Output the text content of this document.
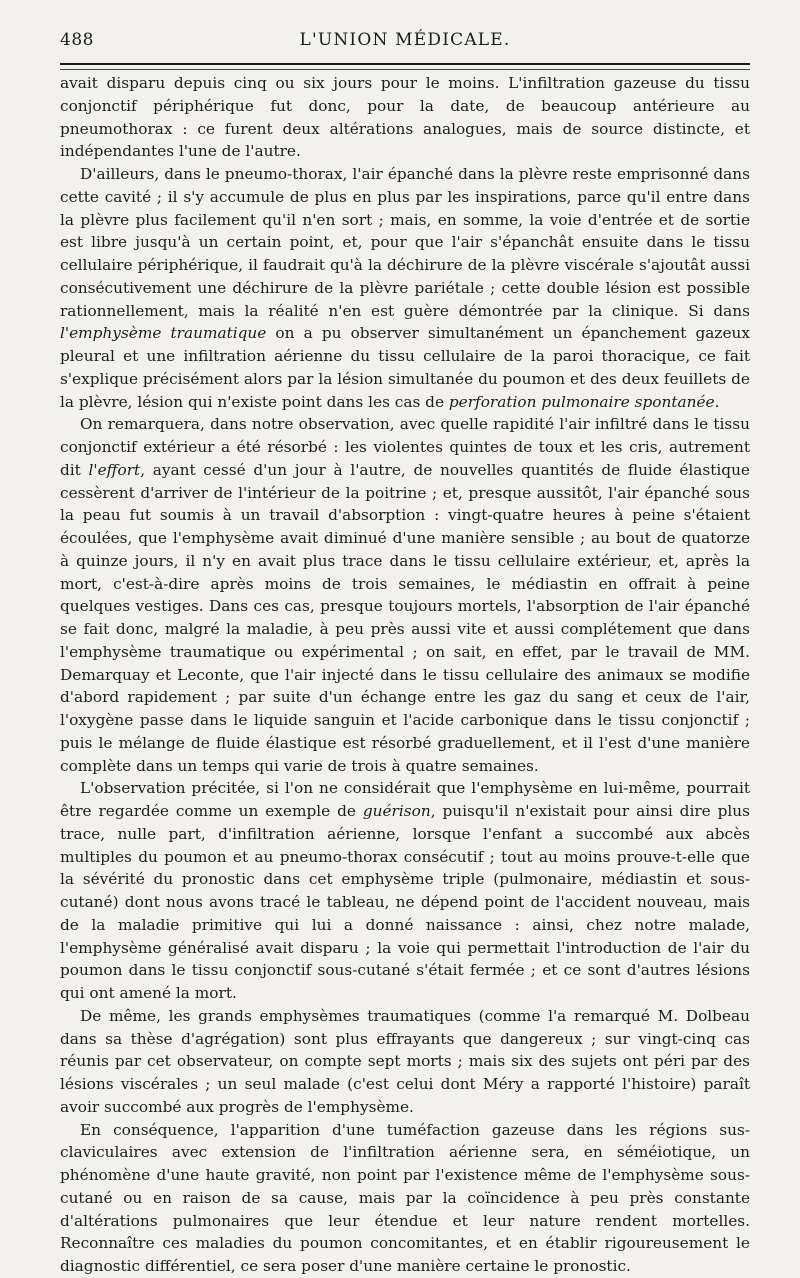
488	L'UNION MÉDICALE.

avait disparu depuis cinq ou six jours pour le moins. L'infiltration gazeuse du tissu conjonctif périphérique fut donc, pour la date, de beaucoup antérieure au pneumothorax : ce furent deux altérations analogues, mais de source distincte, et indépendantes l'une de l'autre.

D'ailleurs, dans le pneumo-thorax, l'air épanché dans la plèvre reste emprisonné dans cette cavité ; il s'y accumule de plus en plus par les inspirations, parce qu'il entre dans la plèvre plus facilement qu'il n'en sort ; mais, en somme, la voie d'entrée et de sortie est libre jusqu'à un certain point, et, pour que l'air s'épanchât ensuite dans le tissu cellulaire périphérique, il faudrait qu'à la déchirure de la plèvre viscérale s'ajoutât aussi consécutivement une déchirure de la plèvre pariétale ; cette double lésion est possible rationnellement, mais la réalité n'en est guère démontrée par la clinique. Si dans l'emphysème traumatique on a pu observer simultanément un épanchement gazeux pleural et une infiltration aérienne du tissu cellulaire de la paroi thoracique, ce fait s'explique précisément alors par la lésion simultanée du poumon et des deux feuillets de la plèvre, lésion qui n'existe point dans les cas de perforation pulmonaire spontanée.

On remarquera, dans notre observation, avec quelle rapidité l'air infiltré dans le tissu conjonctif extérieur a été résorbé : les violentes quintes de toux et les cris, autrement dit l'effort, ayant cessé d'un jour à l'autre, de nouvelles quantités de fluide élastique cessèrent d'arriver de l'intérieur de la poitrine ; et, presque aussitôt, l'air épanché sous la peau fut soumis à un travail d'absorption : vingt-quatre heures à peine s'étaient écoulées, que l'emphysème avait diminué d'une manière sensible ; au bout de quatorze à quinze jours, il n'y en avait plus trace dans le tissu cellulaire extérieur, et, après la mort, c'est-à-dire après moins de trois semaines, le médiastin en offrait à peine quelques vestiges. Dans ces cas, presque toujours mortels, l'absorption de l'air épanché se fait donc, malgré la maladie, à peu près aussi vite et aussi complétement que dans l'emphysème traumatique ou expérimental ; on sait, en effet, par le travail de MM. Demarquay et Leconte, que l'air injecté dans le tissu cellulaire des animaux se modifie d'abord rapidement ; par suite d'un échange entre les gaz du sang et ceux de l'air, l'oxygène passe dans le liquide sanguin et l'acide carbonique dans le tissu conjonctif ; puis le mélange de fluide élastique est résorbé graduellement, et il l'est d'une manière complète dans un temps qui varie de trois à quatre semaines.

L'observation précitée, si l'on ne considérait que l'emphysème en lui-même, pourrait être regardée comme un exemple de guérison, puisqu'il n'existait pour ainsi dire plus trace, nulle part, d'infiltration aérienne, lorsque l'enfant a succombé aux abcès multiples du poumon et au pneumo-thorax consécutif ; tout au moins prouve-t-elle que la sévérité du pronostic dans cet emphysème triple (pulmonaire, médiastin et sous-cutané) dont nous avons tracé le tableau, ne dépend point de l'accident nouveau, mais de la maladie primitive qui lui a donné naissance : ainsi, chez notre malade, l'emphysème généralisé avait disparu ; la voie qui permettait l'introduction de l'air du poumon dans le tissu conjonctif sous-cutané s'était fermée ; et ce sont d'autres lésions qui ont amené la mort.

De même, les grands emphysèmes traumatiques (comme l'a remarqué M. Dolbeau dans sa thèse d'agrégation) sont plus effrayants que dangereux ; sur vingt-cinq cas réunis par cet observateur, on compte sept morts ; mais six des sujets ont péri par des lésions viscérales ; un seul malade (c'est celui dont Méry a rapporté l'histoire) paraît avoir succombé aux progrès de l'emphysème.

En conséquence, l'apparition d'une tuméfaction gazeuse dans les régions sus-claviculaires avec extension de l'infiltration aérienne sera, en séméiotique, un phénomène d'une haute gravité, non point par l'existence même de l'emphysème sous-cutané ou en raison de sa cause, mais par la coïncidence à peu près constante d'altérations pulmonaires que leur étendue et leur nature rendent mortelles. Reconnaître ces maladies du poumon concomitantes, et en établir rigoureusement le diagnostic différentiel, ce sera poser d'une manière certaine le pronostic.
